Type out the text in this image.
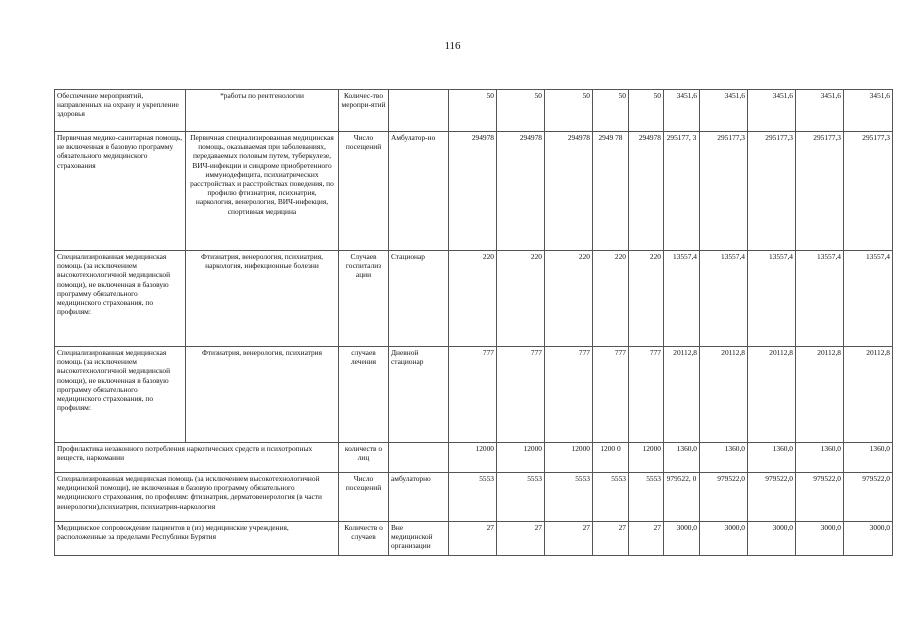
116
Обеспечение мероприятий, направленных на охрану и укрепление здоровья	*работы по рентгенологии	Количес-тво меропри-ятий		50	50	50	50	50	3451,6	3451,6	3451,6	3451,6	3451,6
Первичная медико-санитарная помощь, не включенная в базовую программу обязательного медицинского страхования	Первичная специализированная медицинская помощь, оказываемая при заболеваниях, передаваемых половым путем, туберкулезе, ВИЧ-инфекции и синдроме приобретенного иммунодефицита, психиатрических расстройствах и расстройствах поведения, по профилю фтизиатрия, психиатрия, наркология, венерология, ВИЧ-инфекция, спортивная медицина	Число посещений	Амбулатор-но	294978	294978	294978	2949 78	294978	295177, 3	295177,3	295177,3	295177,3	295177,3
Специализированная медицинская помощь (за исключением высокотехнологичной медицинской помощи), не включенная в базовую программу обязательного медицинского страхования, по профилям:	Фтизиатрия, венерология, психиатрия, наркология, инфекционные болезни	Случаев госпитализ ации	Стационар	220	220	220	220	220	13557,4	13557,4	13557,4	13557,4	13557,4
Специализированная медицинская помощь (за исключением высокотехнологичной медицинской помощи), не включенная в базовую программу обязательного медицинского страхования, по профилям:	Фтизиатрия, венерология, психиатрия	случаев лечения	Дневной стационар	777	777	777	777	777	20112,8	20112,8	20112,8	20112,8	20112,8
Профилактика незаконного потребления наркотических средств и психотропных веществ, наркомании		количеств о лиц		12000	12000	12000	1200 0	12000	1360,0	1360,0	1360,0	1360,0	1360,0
Специализированная медицинская помощь (за исключением высокотехнологичной медицинской помощи), не включенная в базовую программу обязательного медицинского страхования, по профилям: фтизиатрия, дерматовенерология (в части венерологии),психиатрия, психиатрия-наркология		Число посещений	амбулаторно	5553	5553	5553	5553	5553	979522, 0	979522,0	979522,0	979522,0	979522,0
Медицинское сопровождение пациентов в (из) медицинские учреждения, расположенные за пределами Республики Бурятия		Количеств о случаев	Вне медицинской организации	27	27	27	27	27	3000,0	3000,0	3000,0	3000,0	3000,0
